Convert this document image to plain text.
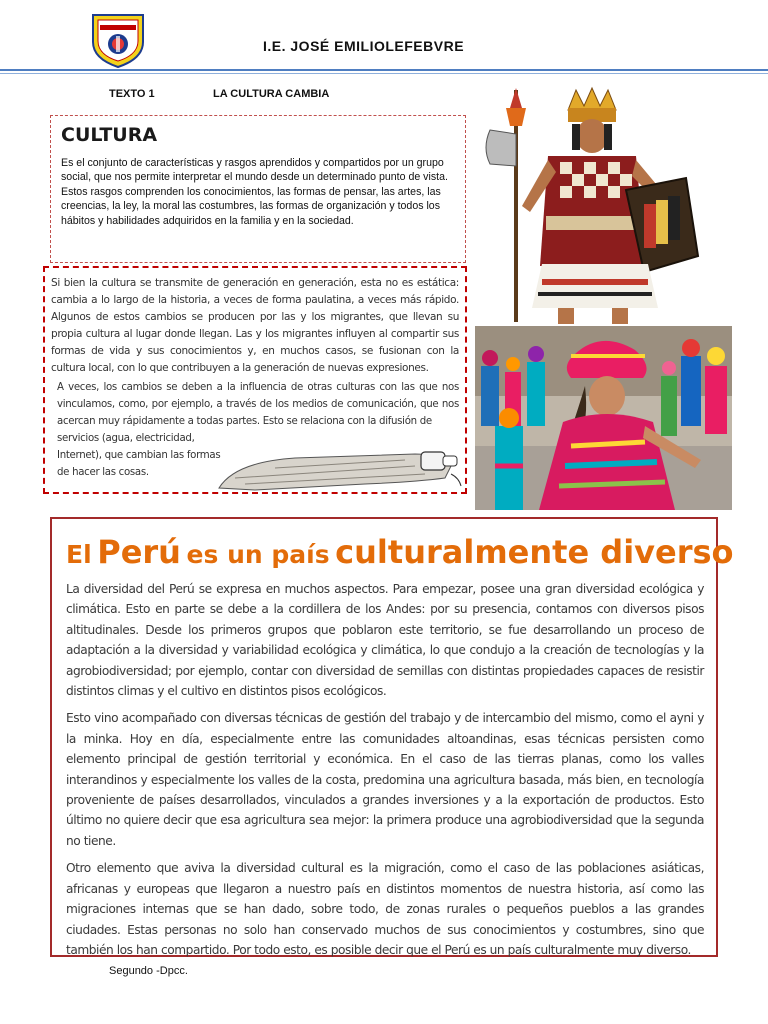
I.E. JOSÉ EMILIOLEFEBVRE
TEXTO 1	LA CULTURA CAMBIA
CULTURA
Es el conjunto de características y rasgos aprendidos y compartidos por un grupo social, que nos permite interpretar el mundo desde un determinado punto de vista. Estos rasgos comprenden los conocimientos, las formas de pensar, las artes, las creencias, la ley, la moral las costumbres, las formas de organización y todos los hábitos y habilidades adquiridos en la familia y en la sociedad.

Si bien la cultura se transmite de generación en generación, esta no es estática: cambia a lo largo de la historia, a veces de forma paulatina, a veces más rápido. Algunos de estos cambios se producen por las y los migrantes, que llevan su propia cultura al lugar donde llegan. Las y los migrantes influyen al compartir sus formas de vida y sus conocimientos y, en muchos casos, se fusionan con la cultura local, con lo que contribuyen a la generación de nuevas expresiones.

A veces, los cambios se deben a la influencia de otras culturas con las que nos vinculamos, como, por ejemplo, a través de los medios de comunicación, que nos acercan muy rápidamente a todas partes. Esto se relaciona con la difusión de

servicios (agua, electricidad, Internet), que cambian las formas de hacer las cosas.

El Perú es un país culturalmente diverso

La diversidad del Perú se expresa en muchos aspectos. Para empezar, posee una gran diversidad ecológica y climática. Esto en parte se debe a la cordillera de los Andes: por su presencia, contamos con diversos pisos altitudinales. Desde los primeros grupos que poblaron este territorio, se fue desarrollando un proceso de adaptación a la diversidad y variabilidad ecológica y climática, lo que condujo a la creación de tecnologías y la agrobiodiversidad; por ejemplo, contar con diversidad de semillas con distintas propiedades capaces de resistir distintos climas y el cultivo en distintos pisos ecológicos.

Esto vino acompañado con diversas técnicas de gestión del trabajo y de intercambio del mismo, como el ayni y la minka. Hoy en día, especialmente entre las comunidades altoandinas, esas técnicas persisten como elemento principal de gestión territorial y económica. En el caso de las tierras planas, como los valles interandinos y especialmente los valles de la costa, predomina una agricultura basada, más bien, en tecnología proveniente de países desarrollados, vinculados a grandes inversiones y a la exportación de productos. Esto último no quiere decir que esa agricultura sea mejor: la primera produce una agrobiodiversidad que la segunda no tiene.

Otro elemento que aviva la diversidad cultural es la migración, como el caso de las poblaciones asiáticas, africanas y europeas que llegaron a nuestro país en distintos momentos de nuestra historia, así como las migraciones internas que se han dado, sobre todo, de zonas rurales o pequeños pueblos a las grandes ciudades. Estas personas no solo han conservado muchos de sus conocimientos y costumbres, sino que también los han compartido. Por todo esto, es posible decir que el Perú es un país culturalmente muy diverso.

Segundo -Dpcc.
